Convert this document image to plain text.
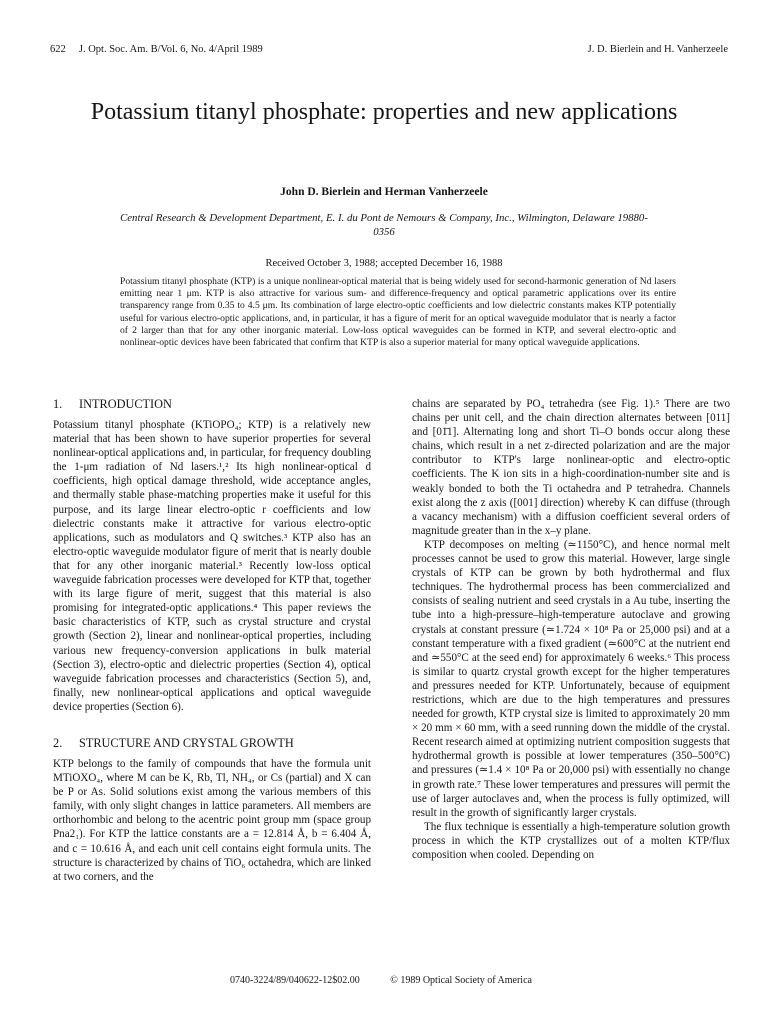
622 J. Opt. Soc. Am. B/Vol. 6, No. 4/April 1989	J. D. Bierlein and H. Vanherzeele
Potassium titanyl phosphate: properties and new applications
John D. Bierlein and Herman Vanherzeele
Central Research & Development Department, E. I. du Pont de Nemours & Company, Inc., Wilmington, Delaware 19880-0356
Received October 3, 1988; accepted December 16, 1988

Potassium titanyl phosphate (KTP) is a unique nonlinear-optical material that is being widely used for second-harmonic generation of Nd lasers emitting near 1 μm. KTP is also attractive for various sum- and difference-frequency and optical parametric applications over its entire transparency range from 0.35 to 4.5 μm. Its combination of large electro-optic coefficients and low dielectric constants makes KTP potentially useful for various electro-optic applications, and, in particular, it has a figure of merit for an optical waveguide modulator that is nearly a factor of 2 larger than that for any other inorganic material. Low-loss optical waveguides can be formed in KTP, and several electro-optic and nonlinear-optic devices have been fabricated that confirm that KTP is also a superior material for many optical waveguide applications.

1. INTRODUCTION

Potassium titanyl phosphate (KTiOPO₄; KTP) is a relatively new material that has been shown to have superior properties for several nonlinear-optical applications and, in particular, for frequency doubling the 1-μm radiation of Nd lasers.¹,² Its high nonlinear-optical d coefficients, high optical damage threshold, wide acceptance angles, and thermally stable phase-matching properties make it useful for this purpose, and its large linear electro-optic r coefficients and low dielectric constants make it attractive for various electro-optic applications, such as modulators and Q switches.³ KTP also has an electro-optic waveguide modulator figure of merit that is nearly double that for any other inorganic material.³ Recently low-loss optical waveguide fabrication processes were developed for KTP that, together with its large figure of merit, suggest that this material is also promising for integrated-optic applications.⁴ This paper reviews the basic characteristics of KTP, such as crystal structure and crystal growth (Section 2), linear and nonlinear-optical properties, including various new frequency-conversion applications in bulk material (Section 3), electro-optic and dielectric properties (Section 4), optical waveguide fabrication processes and characteristics (Section 5), and, finally, new nonlinear-optical applications and optical waveguide device properties (Section 6).

2. STRUCTURE AND CRYSTAL GROWTH

KTP belongs to the family of compounds that have the formula unit MTiOXO₄, where M can be K, Rb, Tl, NH₄, or Cs (partial) and X can be P or As. Solid solutions exist among the various members of this family, with only slight changes in lattice parameters. All members are orthorhombic and belong to the acentric point group mm (space group Pna2₁). For KTP the lattice constants are a = 12.814 Å, b = 6.404 Å, and c = 10.616 Å, and each unit cell contains eight formula units. The structure is characterized by chains of TiO₆ octahedra, which are linked at two corners, and the

chains are separated by PO₄ tetrahedra (see Fig. 1).⁵ There are two chains per unit cell, and the chain direction alternates between [011] and [01̄1]. Alternating long and short Ti–O bonds occur along these chains, which result in a net z-directed polarization and are the major contributor to KTP's large nonlinear-optic and electro-optic coefficients. The K ion sits in a high-coordination-number site and is weakly bonded to both the Ti octahedra and P tetrahedra. Channels exist along the z axis ([001] direction) whereby K can diffuse (through a vacancy mechanism) with a diffusion coefficient several orders of magnitude greater than in the x–y plane.

KTP decomposes on melting (≃1150°C), and hence normal melt processes cannot be used to grow this material. However, large single crystals of KTP can be grown by both hydrothermal and flux techniques. The hydrothermal process has been commercialized and consists of sealing nutrient and seed crystals in a Au tube, inserting the tube into a high-pressure–high-temperature autoclave and growing crystals at constant pressure (≃1.724 × 10⁸ Pa or 25,000 psi) and at a constant temperature with a fixed gradient (≃600°C at the nutrient end and ≃550°C at the seed end) for approximately 6 weeks.⁶ This process is similar to quartz crystal growth except for the higher temperatures and pressures needed for KTP. Unfortunately, because of equipment restrictions, which are due to the high temperatures and pressures needed for growth, KTP crystal size is limited to approximately 20 mm × 20 mm × 60 mm, with a seed running down the middle of the crystal. Recent research aimed at optimizing nutrient composition suggests that hydrothermal growth is possible at lower temperatures (350–500°C) and pressures (≃1.4 × 10⁸ Pa or 20,000 psi) with essentially no change in growth rate.⁷ These lower temperatures and pressures will permit the use of larger autoclaves and, when the process is fully optimized, will result in the growth of significantly larger crystals.

The flux technique is essentially a high-temperature solution growth process in which the KTP crystallizes out of a molten KTP/flux composition when cooled. Depending on

0740-3224/89/040622-12$02.00	© 1989 Optical Society of America
